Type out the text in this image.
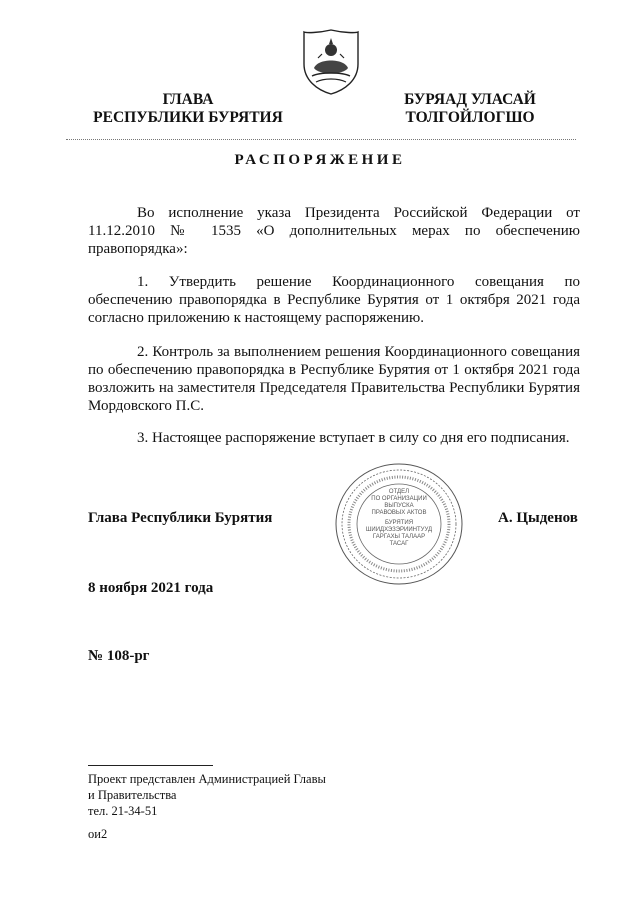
ГЛАВА
РЕСПУБЛИКИ БУРЯТИЯ
БУРЯАД УЛАСАЙ
ТОЛГОЙЛОГШО
РАСПОРЯЖЕНИЕ
Во исполнение указа Президента Российской Федерации от 11.12.2010 № 1535 «О дополнительных мерах по обеспечению правопорядка»:
1. Утвердить решение Координационного совещания по обеспечению правопорядка в Республике Бурятия от 1 октября 2021 года согласно приложению к настоящему распоряжению.
2. Контроль за выполнением решения Координационного совещания по обеспечению правопорядка в Республике Бурятия от 1 октября 2021 года возложить на заместителя Председателя Правительства Республики Бурятия Мордовского П.С.
3. Настоящее распоряжение вступает в силу со дня его подписания.
Глава Республики Бурятия
ОТДЕЛ
ПО ОРГАНИЗАЦИИ
ВЫПУСКА
ПРАВОВЫХ АКТОВ
БУРЯТИЯ
ШИИДХЭЗЭРИИНТУУД
ГАРГАХЫ ТАЛААР
ТАСАГ
А. Цыденов
8 ноября 2021 года
№ 108-рг
Проект представлен Администрацией Главы
и Правительства
тел. 21-34-51
ои2
